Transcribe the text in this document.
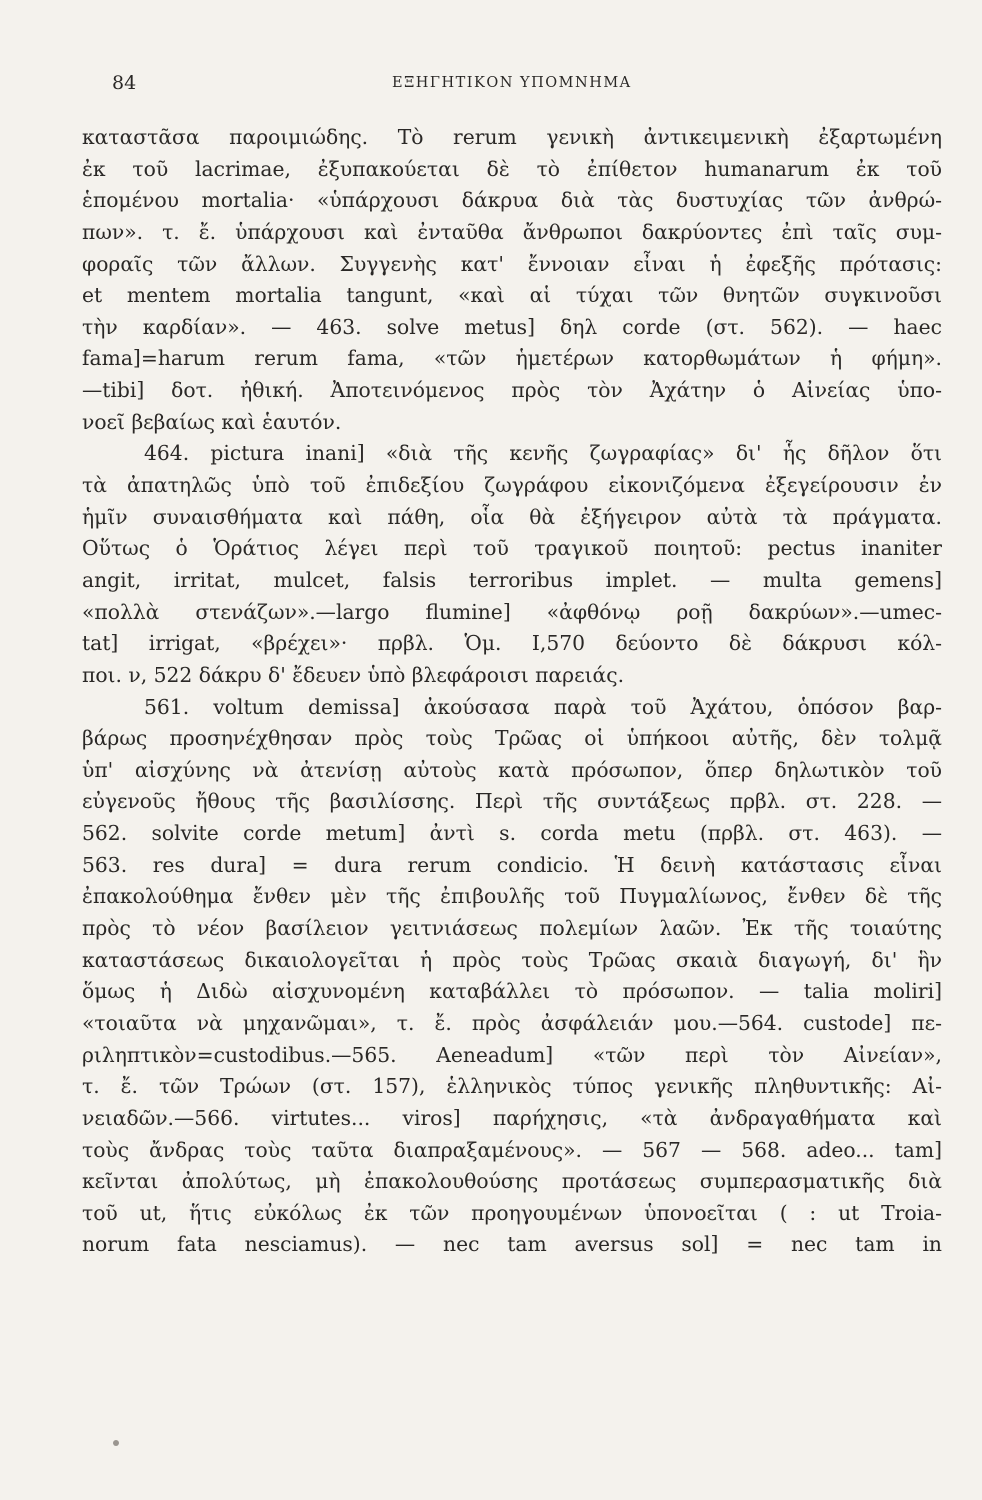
84	ΕΞΗΓΗΤΙΚΟΝ ΥΠΟΜΝΗΜΑ
καταστᾶσα παροιμιώδης. Τὸ rerum γενικὴ ἀντικειμενικὴ ἐξαρτωμένη
ἐκ τοῦ lacrimae, ἐξυπακούεται δὲ τὸ ἐπίθετον humanarum ἐκ τοῦ
ἑπομένου mortalia· «ὑπάρχουσι δάκρυα διὰ τὰς δυστυχίας τῶν ἀνθρώ-
πων». τ. ἔ. ὑπάρχουσι καὶ ἐνταῦθα ἄνθρωποι δακρύοντες ἐπὶ ταῖς συμ-
φοραῖς τῶν ἄλλων. Συγγενὴς κατ' ἔννοιαν εἶναι ἡ ἐφεξῆς πρότασις:
et mentem mortalia tangunt, «καὶ αἱ τύχαι τῶν θνητῶν συγκινοῦσι
τὴν καρδίαν». — 463. solve metus] δηλ corde (στ. 562). — haec
fama]=harum rerum fama, «τῶν ἡμετέρων κατορθωμάτων ἡ φήμη».
—tibi] δοτ. ἠθική. Ἀποτεινόμενος πρὸς τὸν Ἀχάτην ὁ Αἰνείας ὑπο-
νοεῖ βεβαίως καὶ ἑαυτόν.
464. pictura inani] «διὰ τῆς κενῆς ζωγραφίας» δι' ἧς δῆλον ὅτι
τὰ ἀπατηλῶς ὑπὸ τοῦ ἐπιδεξίου ζωγράφου εἰκονιζόμενα ἐξεγείρουσιν ἐν
ἡμῖν συναισθήματα καὶ πάθη, οἷα θὰ ἐξήγειρον αὐτὰ τὰ πράγματα.
Οὕτως ὁ Ὁράτιος λέγει περὶ τοῦ τραγικοῦ ποιητοῦ: pectus inaniter
angit, irritat, mulcet, falsis terroribus implet. — multa gemens]
«πολλὰ στενάζων».—largo flumine] «ἀφθόνῳ ροῇ δακρύων».—umec-
tat] irrigat, «βρέχει»· πρβλ. Ὁμ. I,570 δεύοντο δὲ δάκρυσι κόλ-
ποι. ν, 522 δάκρυ δ' ἔδευεν ὑπὸ βλεφάροισι παρειάς.
561. voltum demissa] ἀκούσασα παρὰ τοῦ Ἀχάτου, ὁπόσον βαρ-
βάρως προσηνέχθησαν πρὸς τοὺς Τρῶας οἱ ὑπήκοοι αὐτῆς, δὲν τολμᾷ
ὑπ' αἰσχύνης νὰ ἀτενίσῃ αὐτοὺς κατὰ πρόσωπον, ὅπερ δηλωτικὸν τοῦ
εὐγενοῦς ἤθους τῆς βασιλίσσης. Περὶ τῆς συντάξεως πρβλ. στ. 228. —
562. solvite corde metum] ἀντὶ s. corda metu (πρβλ. στ. 463). —
563. res dura] = dura rerum condicio. Ἡ δεινὴ κατάστασις εἶναι
ἐπακολούθημα ἔνθεν μὲν τῆς ἐπιβουλῆς τοῦ Πυγμαλίωνος, ἔνθεν δὲ τῆς
πρὸς τὸ νέον βασίλειον γειτνιάσεως πολεμίων λαῶν. Ἐκ τῆς τοιαύτης
καταστάσεως δικαιολογεῖται ἡ πρὸς τοὺς Τρῶας σκαιὰ διαγωγή, δι' ἣν
ὅμως ἡ Διδὼ αἰσχυνομένη καταβάλλει τὸ πρόσωπον. — talia moliri]
«τοιαῦτα νὰ μηχανῶμαι», τ. ἔ. πρὸς ἀσφάλειάν μου.—564. custode] πε-
ριληπτικὸν=custodibus.—565. Aeneadum] «τῶν περὶ τὸν Αἰνείαν»,
τ. ἔ. τῶν Τρώων (στ. 157), ἑλληνικὸς τύπος γενικῆς πληθυντικῆς: Αἰ-
νειαδῶν.—566. virtutes... viros] παρήχησις, «τὰ ἀνδραγαθήματα καὶ
τοὺς ἄνδρας τοὺς ταῦτα διαπραξαμένους». — 567 — 568. adeo... tam]
κεῖνται ἀπολύτως, μὴ ἐπακολουθούσης προτάσεως συμπερασματικῆς διὰ
τοῦ ut, ἥτις εὐκόλως ἐκ τῶν προηγουμένων ὑπονοεῖται ( : ut Troia-
norum fata nesciamus). — nec tam aversus sol] = nec tam in
